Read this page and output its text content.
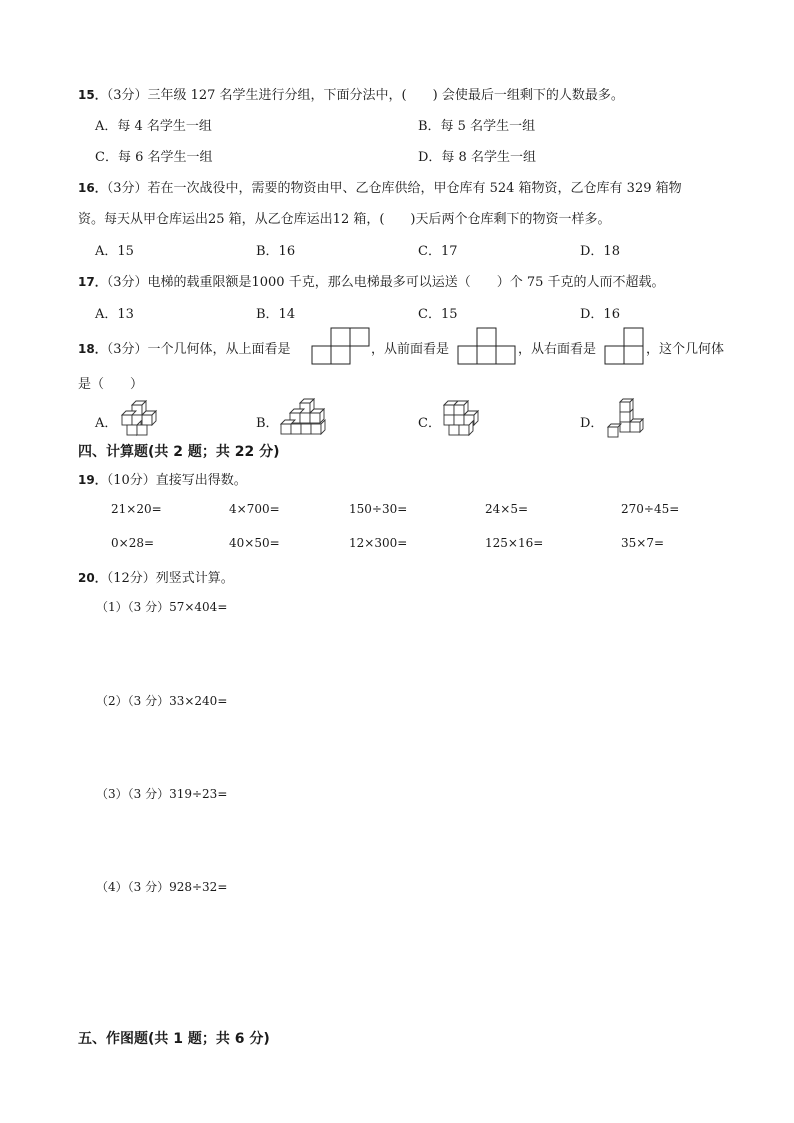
15．（3分）三年级 127 名学生进行分组，下面分法中，(　　) 会使最后一组剩下的人数最多。
A．每 4 名学生一组	B．每 5 名学生一组
C．每 6 名学生一组	D．每 8 名学生一组
16．（3分）若在一次战役中，需要的物资由甲、乙仓库供给，甲仓库有 524 箱物资，乙仓库有 329 箱物
资。每天从甲仓库运出25 箱，从乙仓库运出12 箱，(　　)天后两个仓库剩下的物资一样多。
A．15	B．16	C．17	D．18
17．（3分）电梯的载重限额是1000 千克，那么电梯最多可以运送（　　）个 75 千克的人而不超载。
A．13	B．14	C．15	D．16
18．（3分）一个几何体，从上面看是	，从前面看是	，从右面看是	，这个几何体
是（　　）
A．	B．	C．	D．
四、计算题(共 2 题；共 22 分)
19．（10分）直接写出得数。
21×20=	4×700=	150÷30=	24×5=	270÷45=
0×28=	40×50=	12×300=	125×16=	35×7=
20．（12分）列竖式计算。
（1）（3 分）57×404=
（2）（3 分）33×240=
（3）（3 分）319÷23=
（4）（3 分）928÷32=
五、作图题(共 1 题；共 6 分)
